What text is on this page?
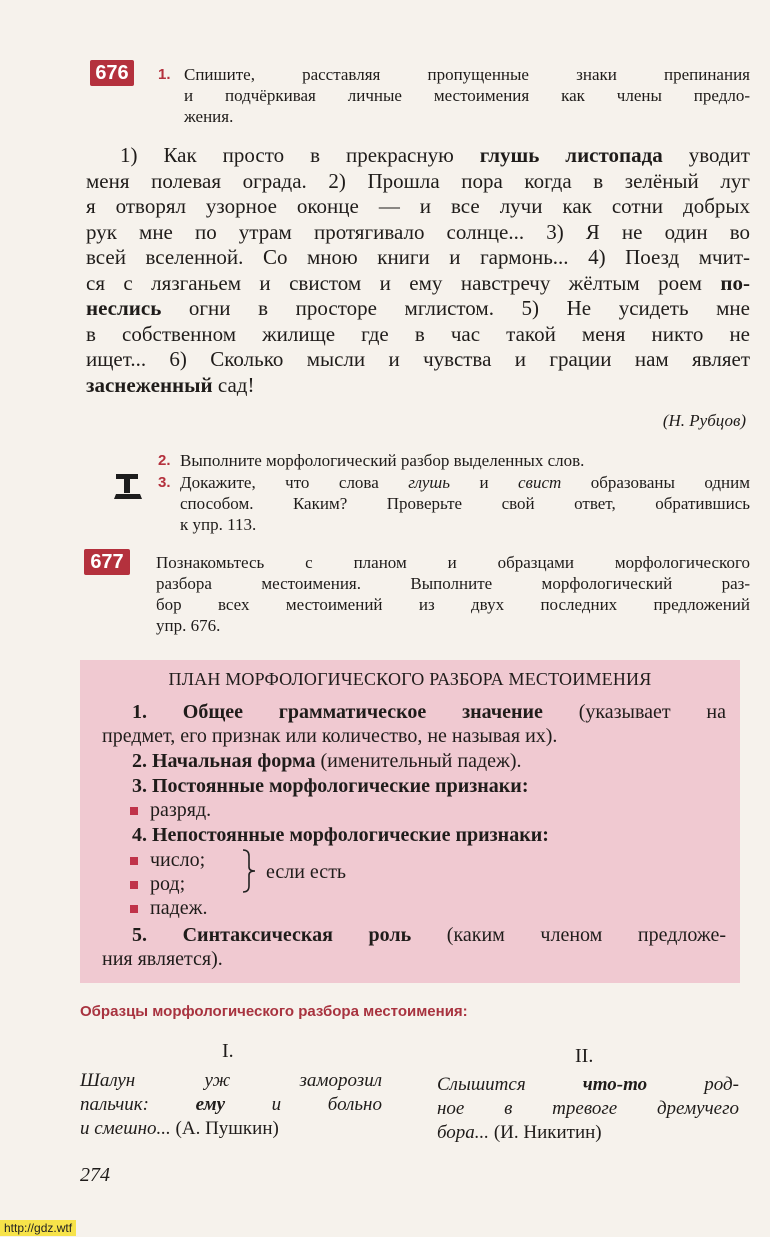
676	1. Спишите, расставляя пропущенные знаки препинания
и подчёркивая личные местоимения как члены предло-
жения.
1) Как просто в прекрасную глушь листопада уводит
меня полевая ограда. 2) Прошла пора когда в зелёный луг
я отворял узорное оконце — и все лучи как сотни добрых
рук мне по утрам протягивало солнце... 3) Я не один во
всей вселенной. Со мною книги и гармонь... 4) Поезд мчит-
ся с лязганьем и свистом и ему навстречу жёлтым роем по-
неслись огни в просторе мглистом. 5) Не усидеть мне
в собственном жилище где в час такой меня никто не
ищет... 6) Сколько мысли и чувства и грации нам являет
заснеженный сад!
(Н. Рубцов)
2. Выполните морфологический разбор выделенных слов.
3. Докажите, что слова глушь и свист образованы одним
способом. Каким? Проверьте свой ответ, обратившись
к упр. 113.
677	Познакомьтесь с планом и образцами морфологического
разбора местоимения. Выполните морфологический раз-
бор всех местоимений из двух последних предложений
упр. 676.
ПЛАН МОРФОЛОГИЧЕСКОГО РАЗБОРА МЕСТОИМЕНИЯ
1. Общее грамматическое значение (указывает на
предмет, его признак или количество, не называя их).
2. Начальная форма (именительный падеж).
3. Постоянные морфологические признаки:
разряд.
4. Непостоянные морфологические признаки:
число;
род;
падеж.
если есть
5. Синтаксическая роль (каким членом предложе-
ния является).
Образцы морфологического разбора местоимения:
I.	II.
Шалун уж заморозил
пальчик: ему и больно
и смешно... (А. Пушкин)
Слышится что-то род-
ное в тревоге дремучего
бора... (И. Никитин)
274
http://gdz.wtf
